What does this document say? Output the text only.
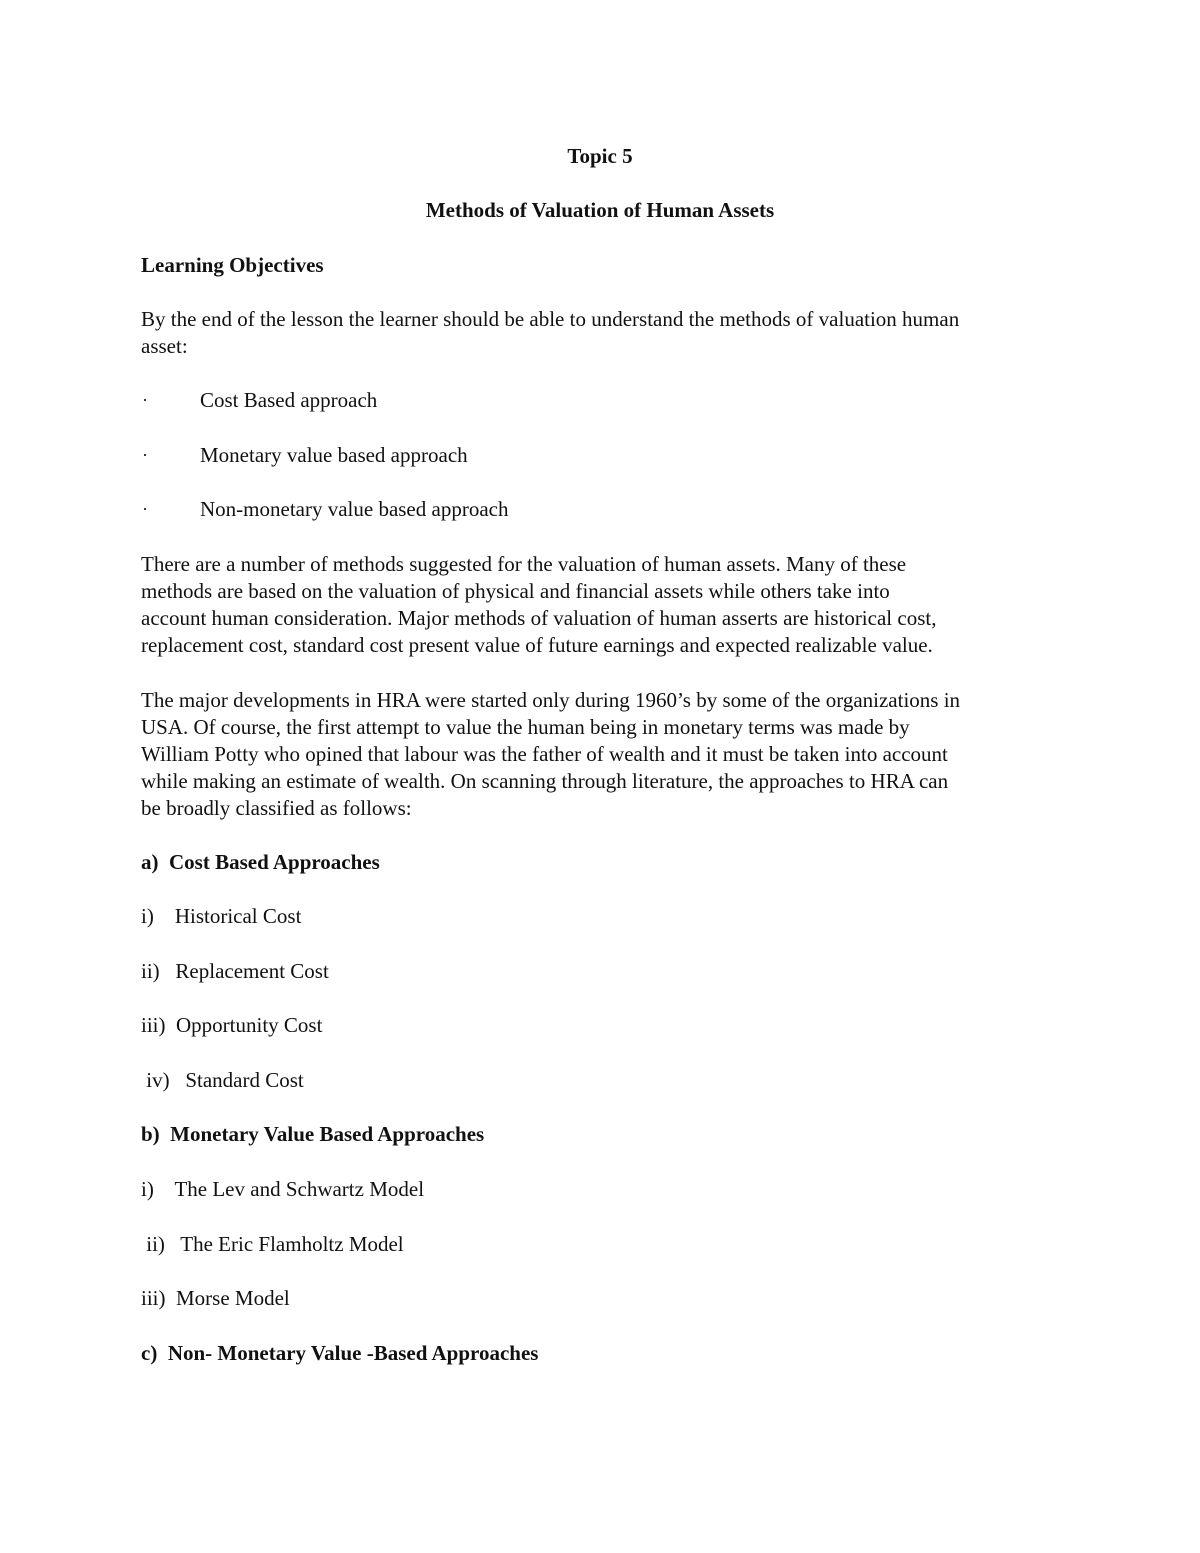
Topic 5
Methods of Valuation of Human Assets
Learning Objectives
By the end of the lesson the learner should be able to understand the methods of valuation human
asset:
· Cost Based approach
· Monetary value based approach
· Non-monetary value based approach
There are a number of methods suggested for the valuation of human assets. Many of these
methods are based on the valuation of physical and financial assets while others take into
account human consideration. Major methods of valuation of human asserts are historical cost,
replacement cost, standard cost present value of future earnings and expected realizable value.
The major developments in HRA were started only during 1960’s by some of the organizations in
USA. Of course, the first attempt to value the human being in monetary terms was made by
William Potty who opined that labour was the father of wealth and it must be taken into account
while making an estimate of wealth. On scanning through literature, the approaches to HRA can
be broadly classified as follows:
a)  Cost Based Approaches
i)    Historical Cost
ii)   Replacement Cost
iii)  Opportunity Cost
iv)   Standard Cost
b)  Monetary Value Based Approaches
i)    The Lev and Schwartz Model
ii)   The Eric Flamholtz Model
iii)  Morse Model
c)  Non- Monetary Value -Based Approaches
